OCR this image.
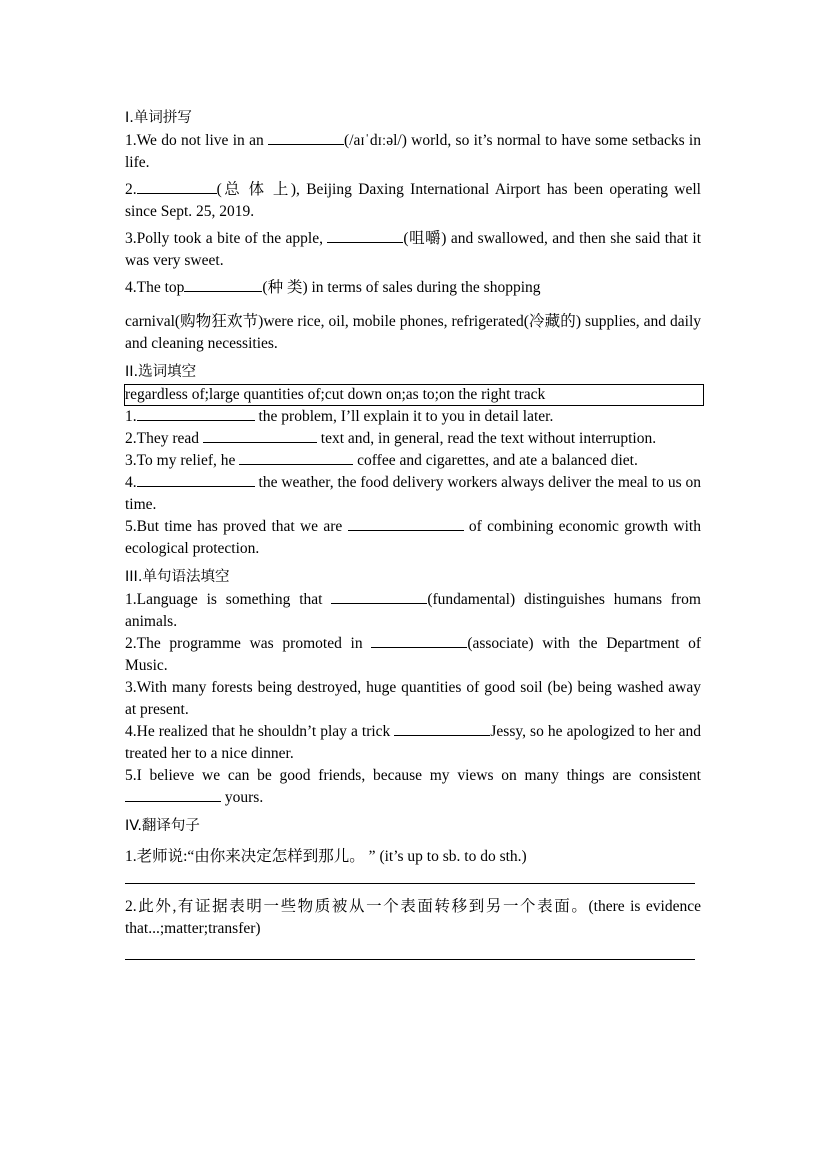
I.单词拼写

1.We do not live in an	(/aɪˈdɪːəl/) world, so it’s normal to have some setbacks in life.

2.	(总 体 上), Beijing Daxing International Airport has been operating well since Sept. 25, 2019.

3.Polly took a bite of the apple,	(咀嚼) and swallowed, and then she said that it was very sweet.

4.The top	(种 类) in terms of sales during the shopping

carnival(购物狂欢节)were rice, oil, mobile phones, refrigerated(冷藏的) supplies, and daily and cleaning necessities.

II.选词填空

regardless of;large quantities of;cut down on;as to;on the right track

1.	the problem, I’ll explain it to you in detail later.

2.They read	text and, in general, read the text without interruption.

3.To my relief, he	coffee and cigarettes, and ate a balanced diet.

4.	the weather, the food delivery workers always deliver the meal to us on time.

5.But time has proved that we are	of combining economic growth with ecological protection.

III.单句语法填空

1.Language is something that	(fundamental) distinguishes humans from animals.

2.The programme was promoted in	(associate) with the Department of Music.

3.With many forests being destroyed, huge quantities of good soil (be) being washed away at present.

4.He realized that he shouldn’t play a trick	Jessy, so he apologized to her and treated her to a nice dinner.

5.I believe we can be good friends, because my views on many things are consistent  yours.

IV.翻译句子

1.老师说:“由你来决定怎样到那儿。 ” (it’s up to sb. to do sth.)

2.此外,有证据表明一些物质被从一个表面转移到另一个表面。(there is evidence that...;matter;transfer)
